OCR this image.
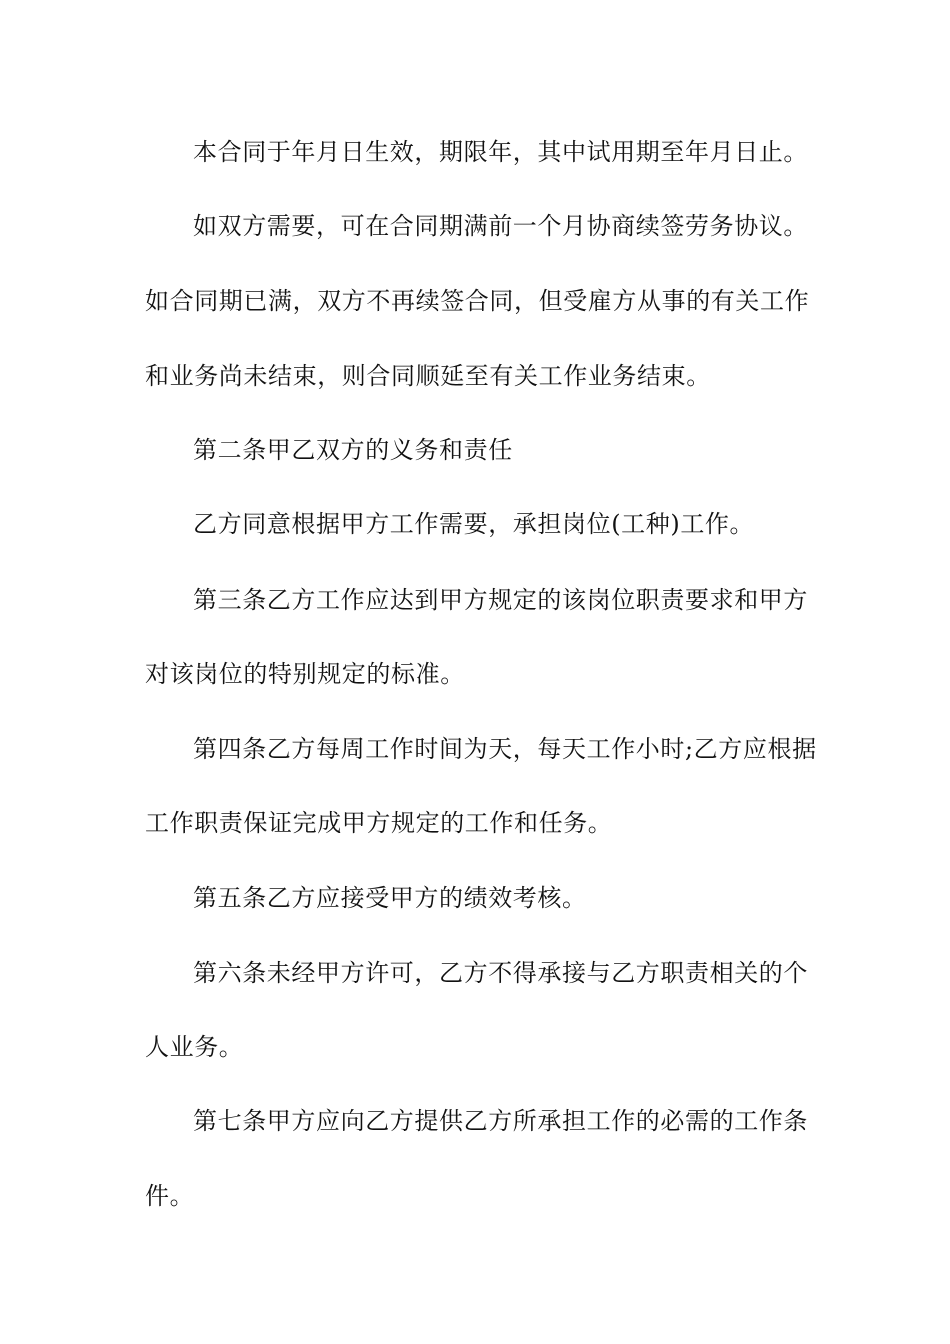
本合同于年月日生效，期限年，其中试用期至年月日止。
如双方需要，可在合同期满前一个月协商续签劳务协议。
如合同期已满，双方不再续签合同，但受雇方从事的有关工作
和业务尚未结束，则合同顺延至有关工作业务结束。
第二条甲乙双方的义务和责任
乙方同意根据甲方工作需要，承担岗位(工种)工作。
第三条乙方工作应达到甲方规定的该岗位职责要求和甲方
对该岗位的特别规定的标准。
第四条乙方每周工作时间为天，每天工作小时;乙方应根据
工作职责保证完成甲方规定的工作和任务。
第五条乙方应接受甲方的绩效考核。
第六条未经甲方许可，乙方不得承接与乙方职责相关的个
人业务。
第七条甲方应向乙方提供乙方所承担工作的必需的工作条
件。
